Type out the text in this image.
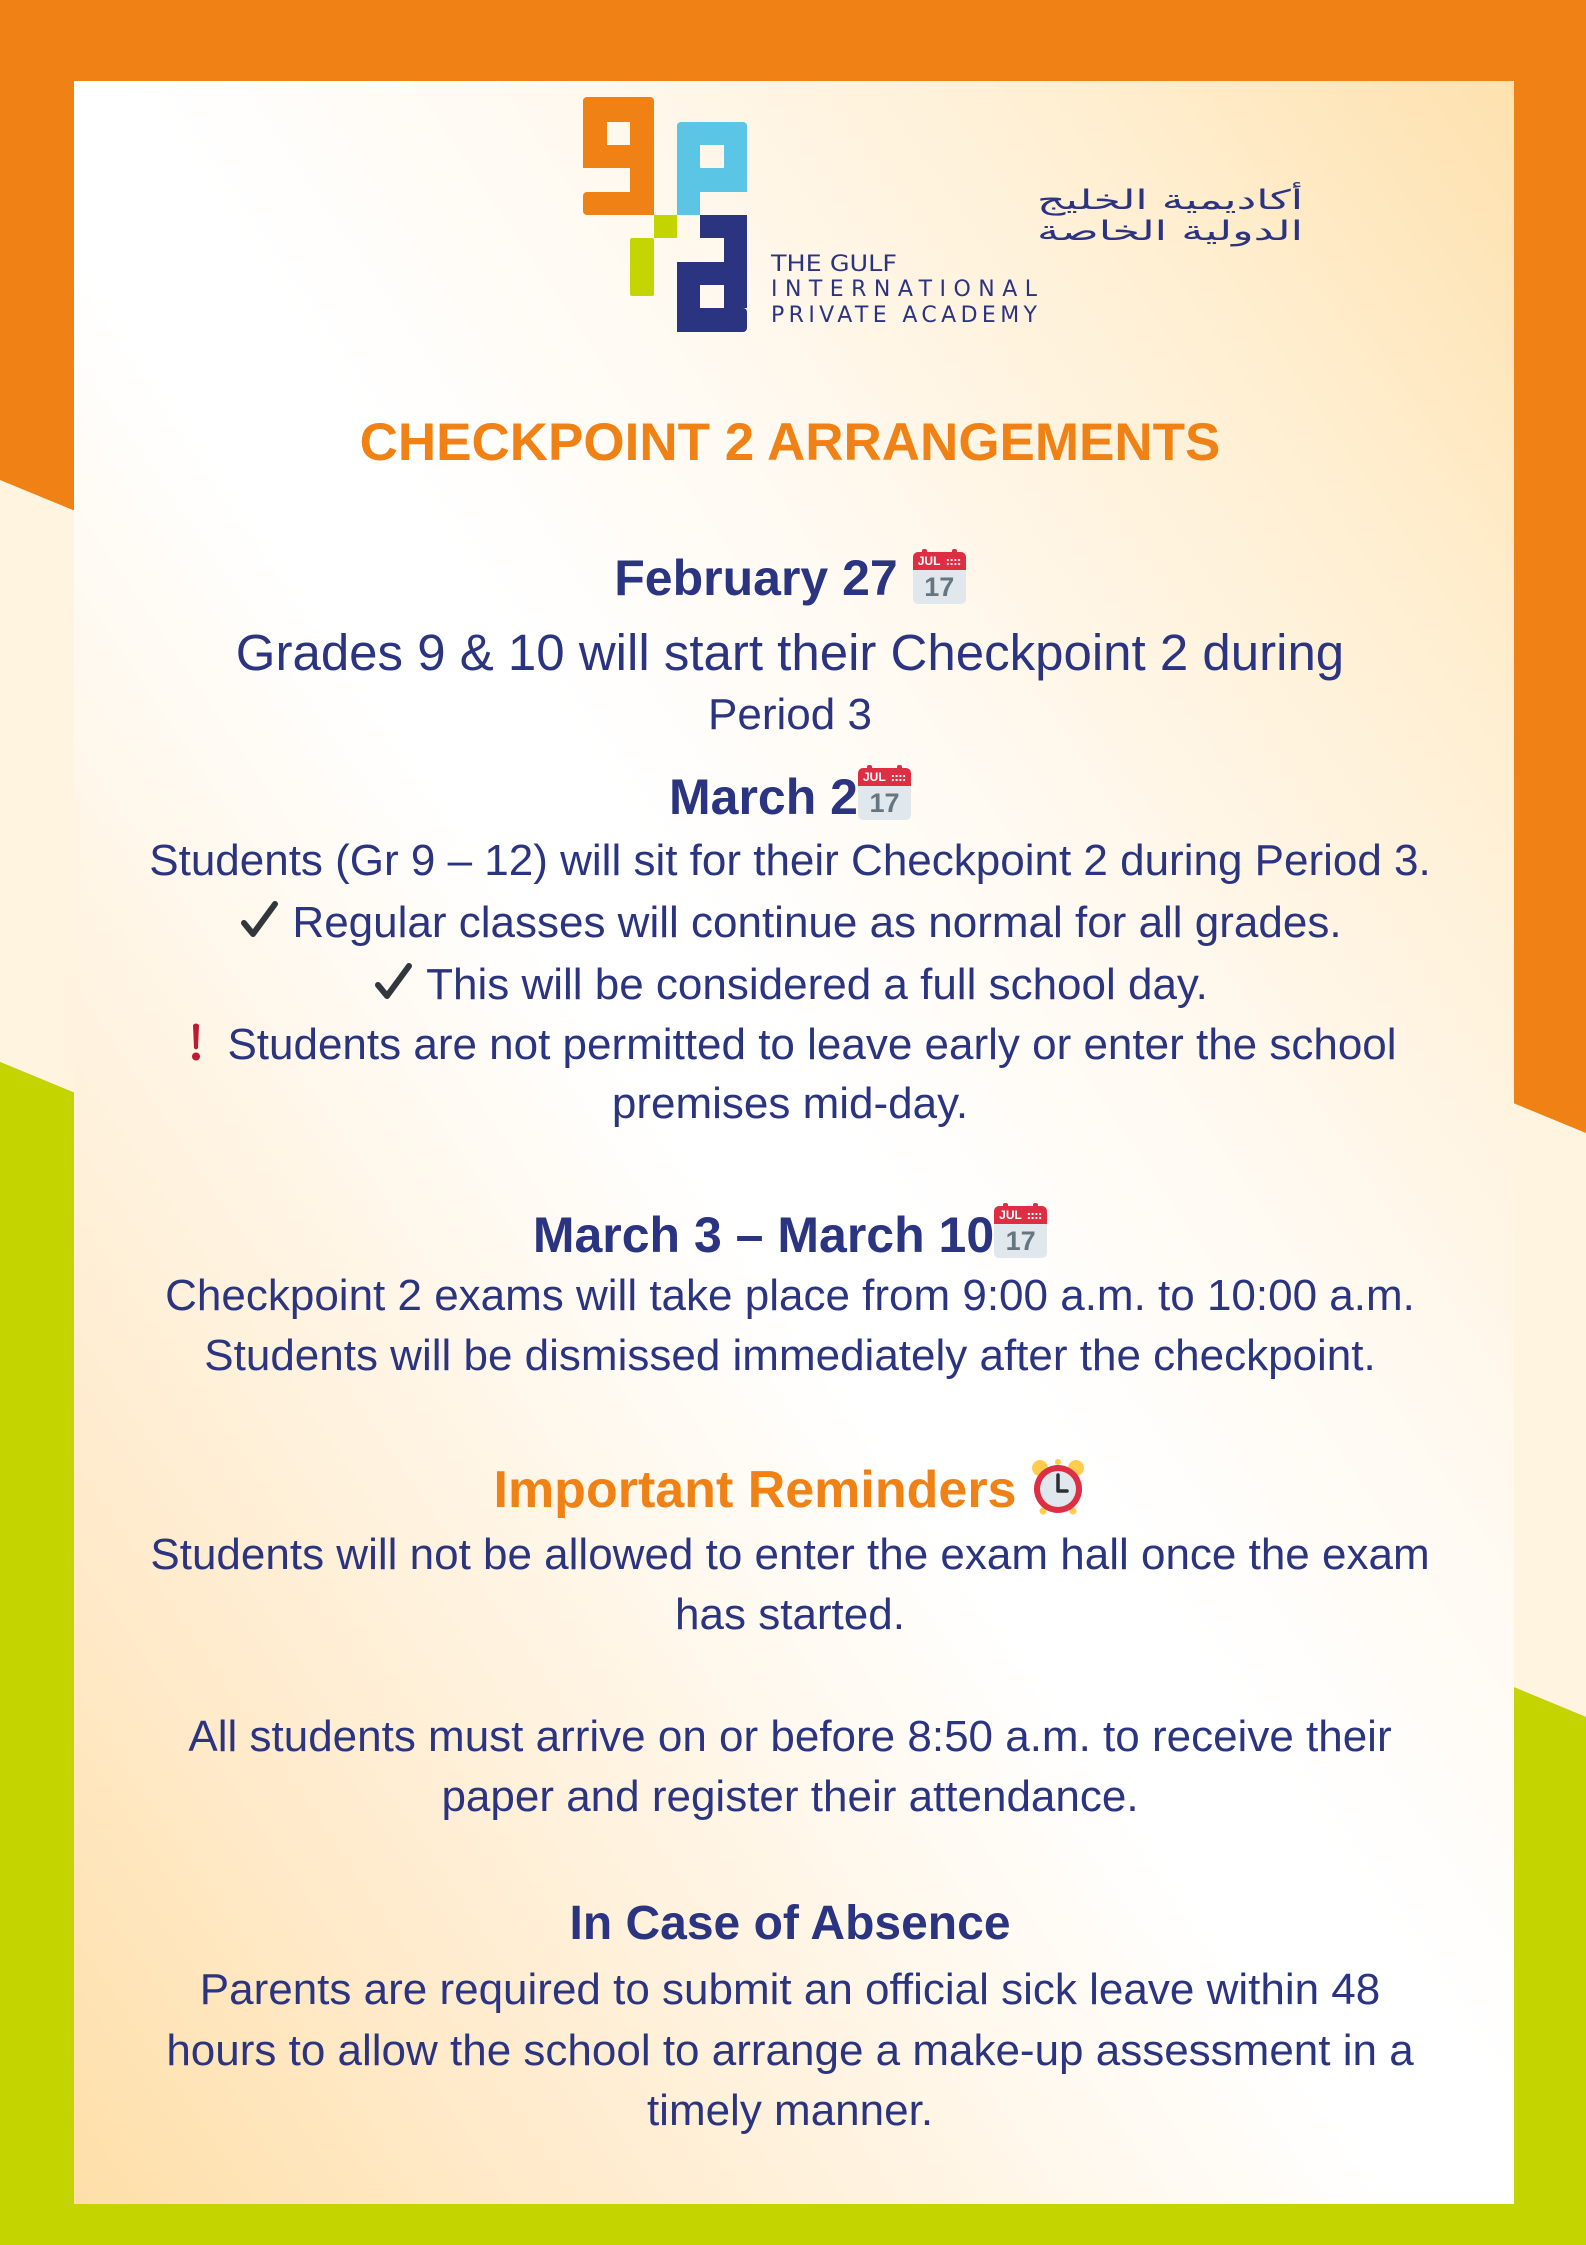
أكاديمية الخليج
الدولية الخاصة
THE GULF
INTERNATIONAL
PRIVATE ACADEMY
CHECKPOINT 2 ARRANGEMENTS
February 27 JUL
17
Grades 9 & 10 will start their Checkpoint 2 during
Period 3
March 2 JUL
17
Students (Gr 9 – 12) will sit for their Checkpoint 2 during Period 3.
Regular classes will continue as normal for all grades.
This will be considered a full school day.
Students are not permitted to leave early or enter the school
premises mid-day.
March 3 – March 10 JUL
17
Checkpoint 2 exams will take place from 9:00 a.m. to 10:00 a.m.
Students will be dismissed immediately after the checkpoint.
Important Reminders
Students will not be allowed to enter the exam hall once the exam
has started.
All students must arrive on or before 8:50 a.m. to receive their
paper and register their attendance.
In Case of Absence
Parents are required to submit an official sick leave within 48
hours to allow the school to arrange a make-up assessment in a
timely manner.
